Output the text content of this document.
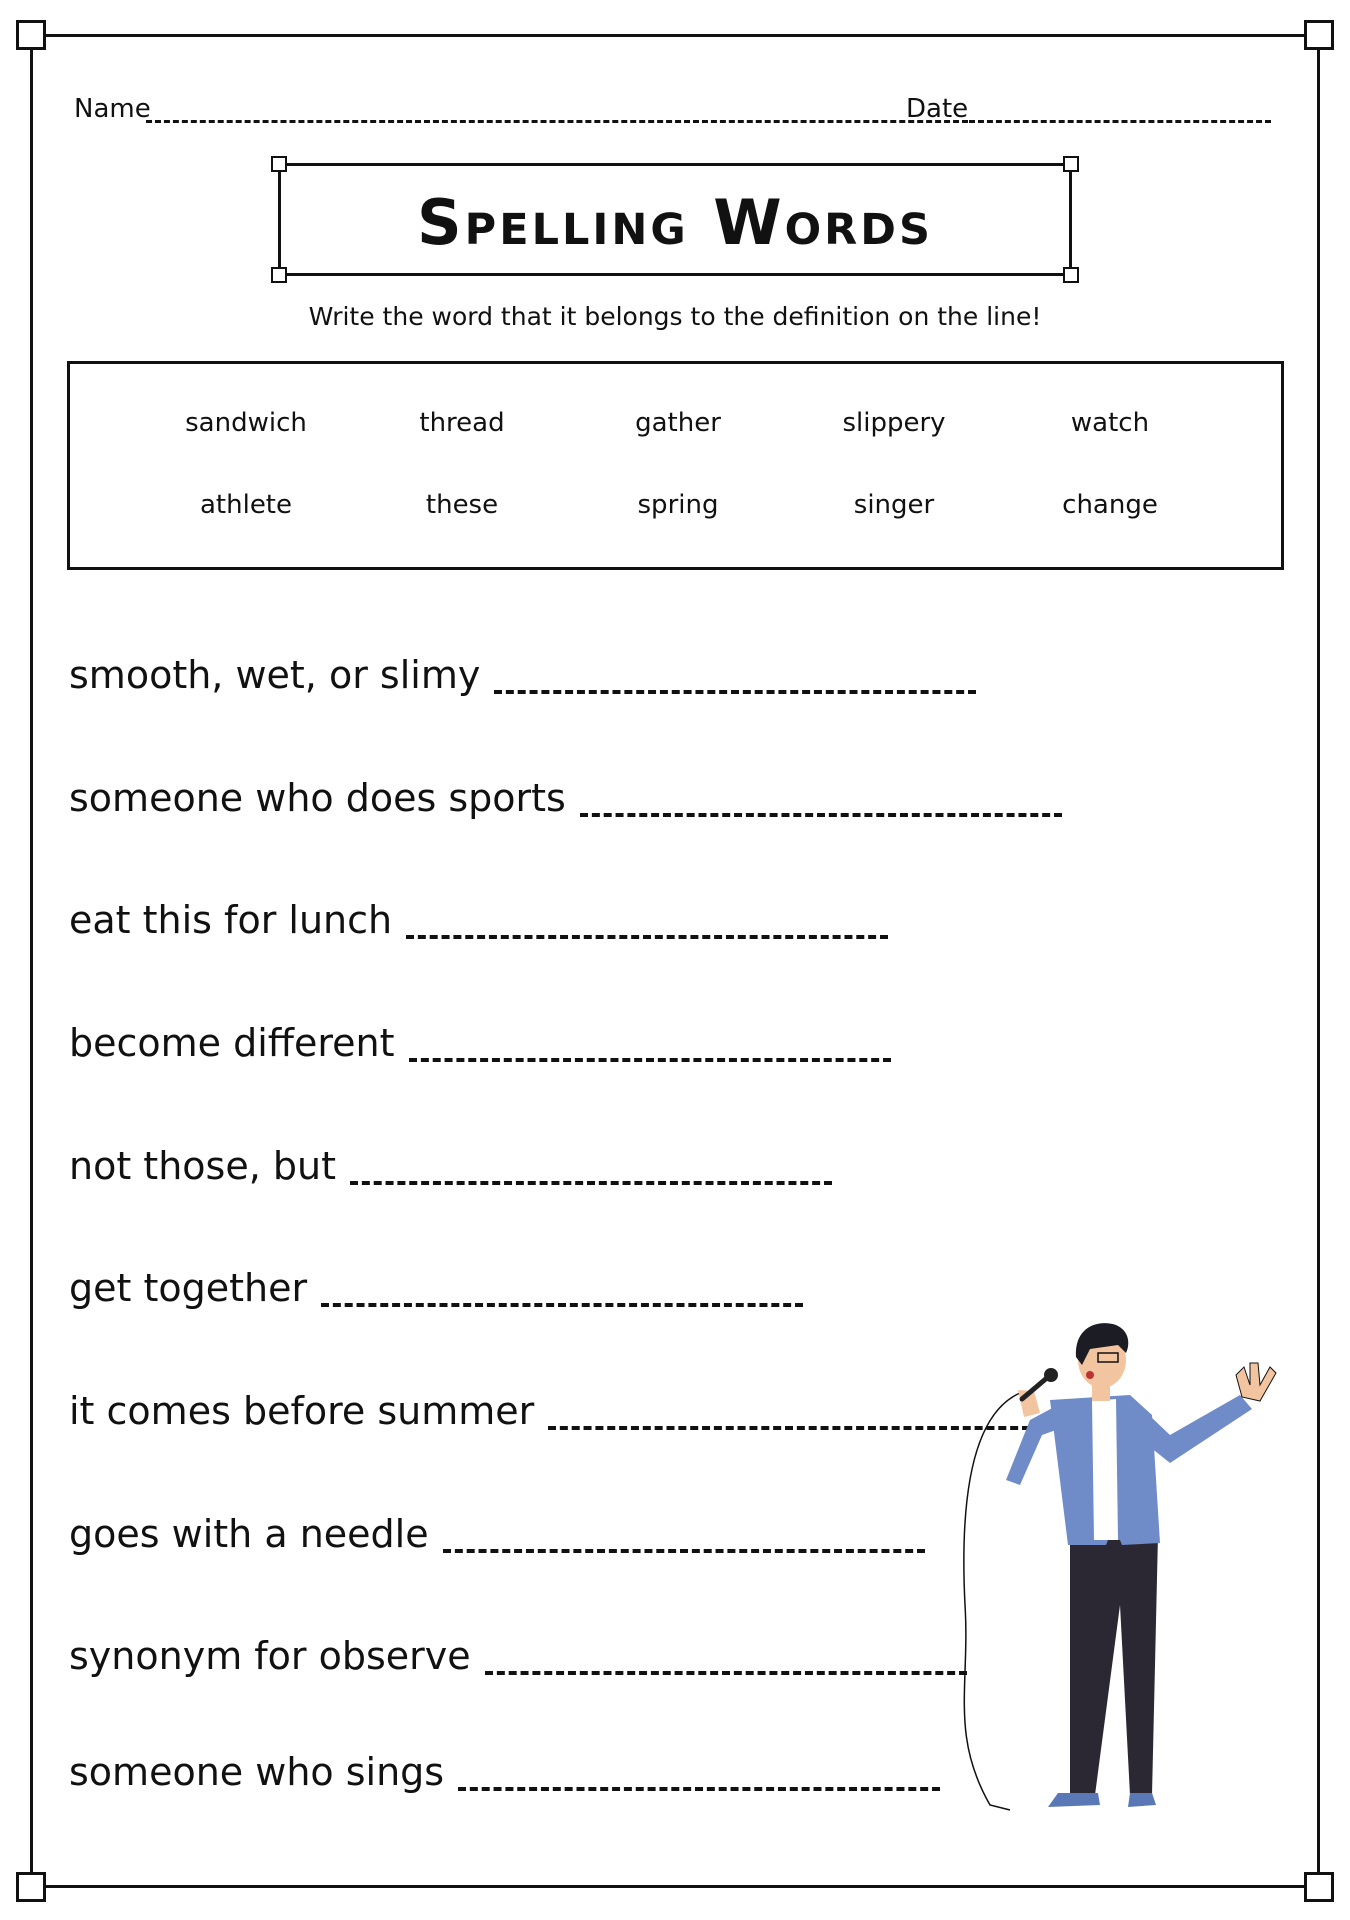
Name	Date
Spelling Words
Write the word that it belongs to the definition on the line!
sandwich	thread	gather	slippery	watch
athlete	these	spring	singer	change
smooth, wet, or slimy
someone who does sports
eat this for lunch
become different
not those, but
get together
it comes before summer
goes with a needle
synonym for observe
someone who sings
